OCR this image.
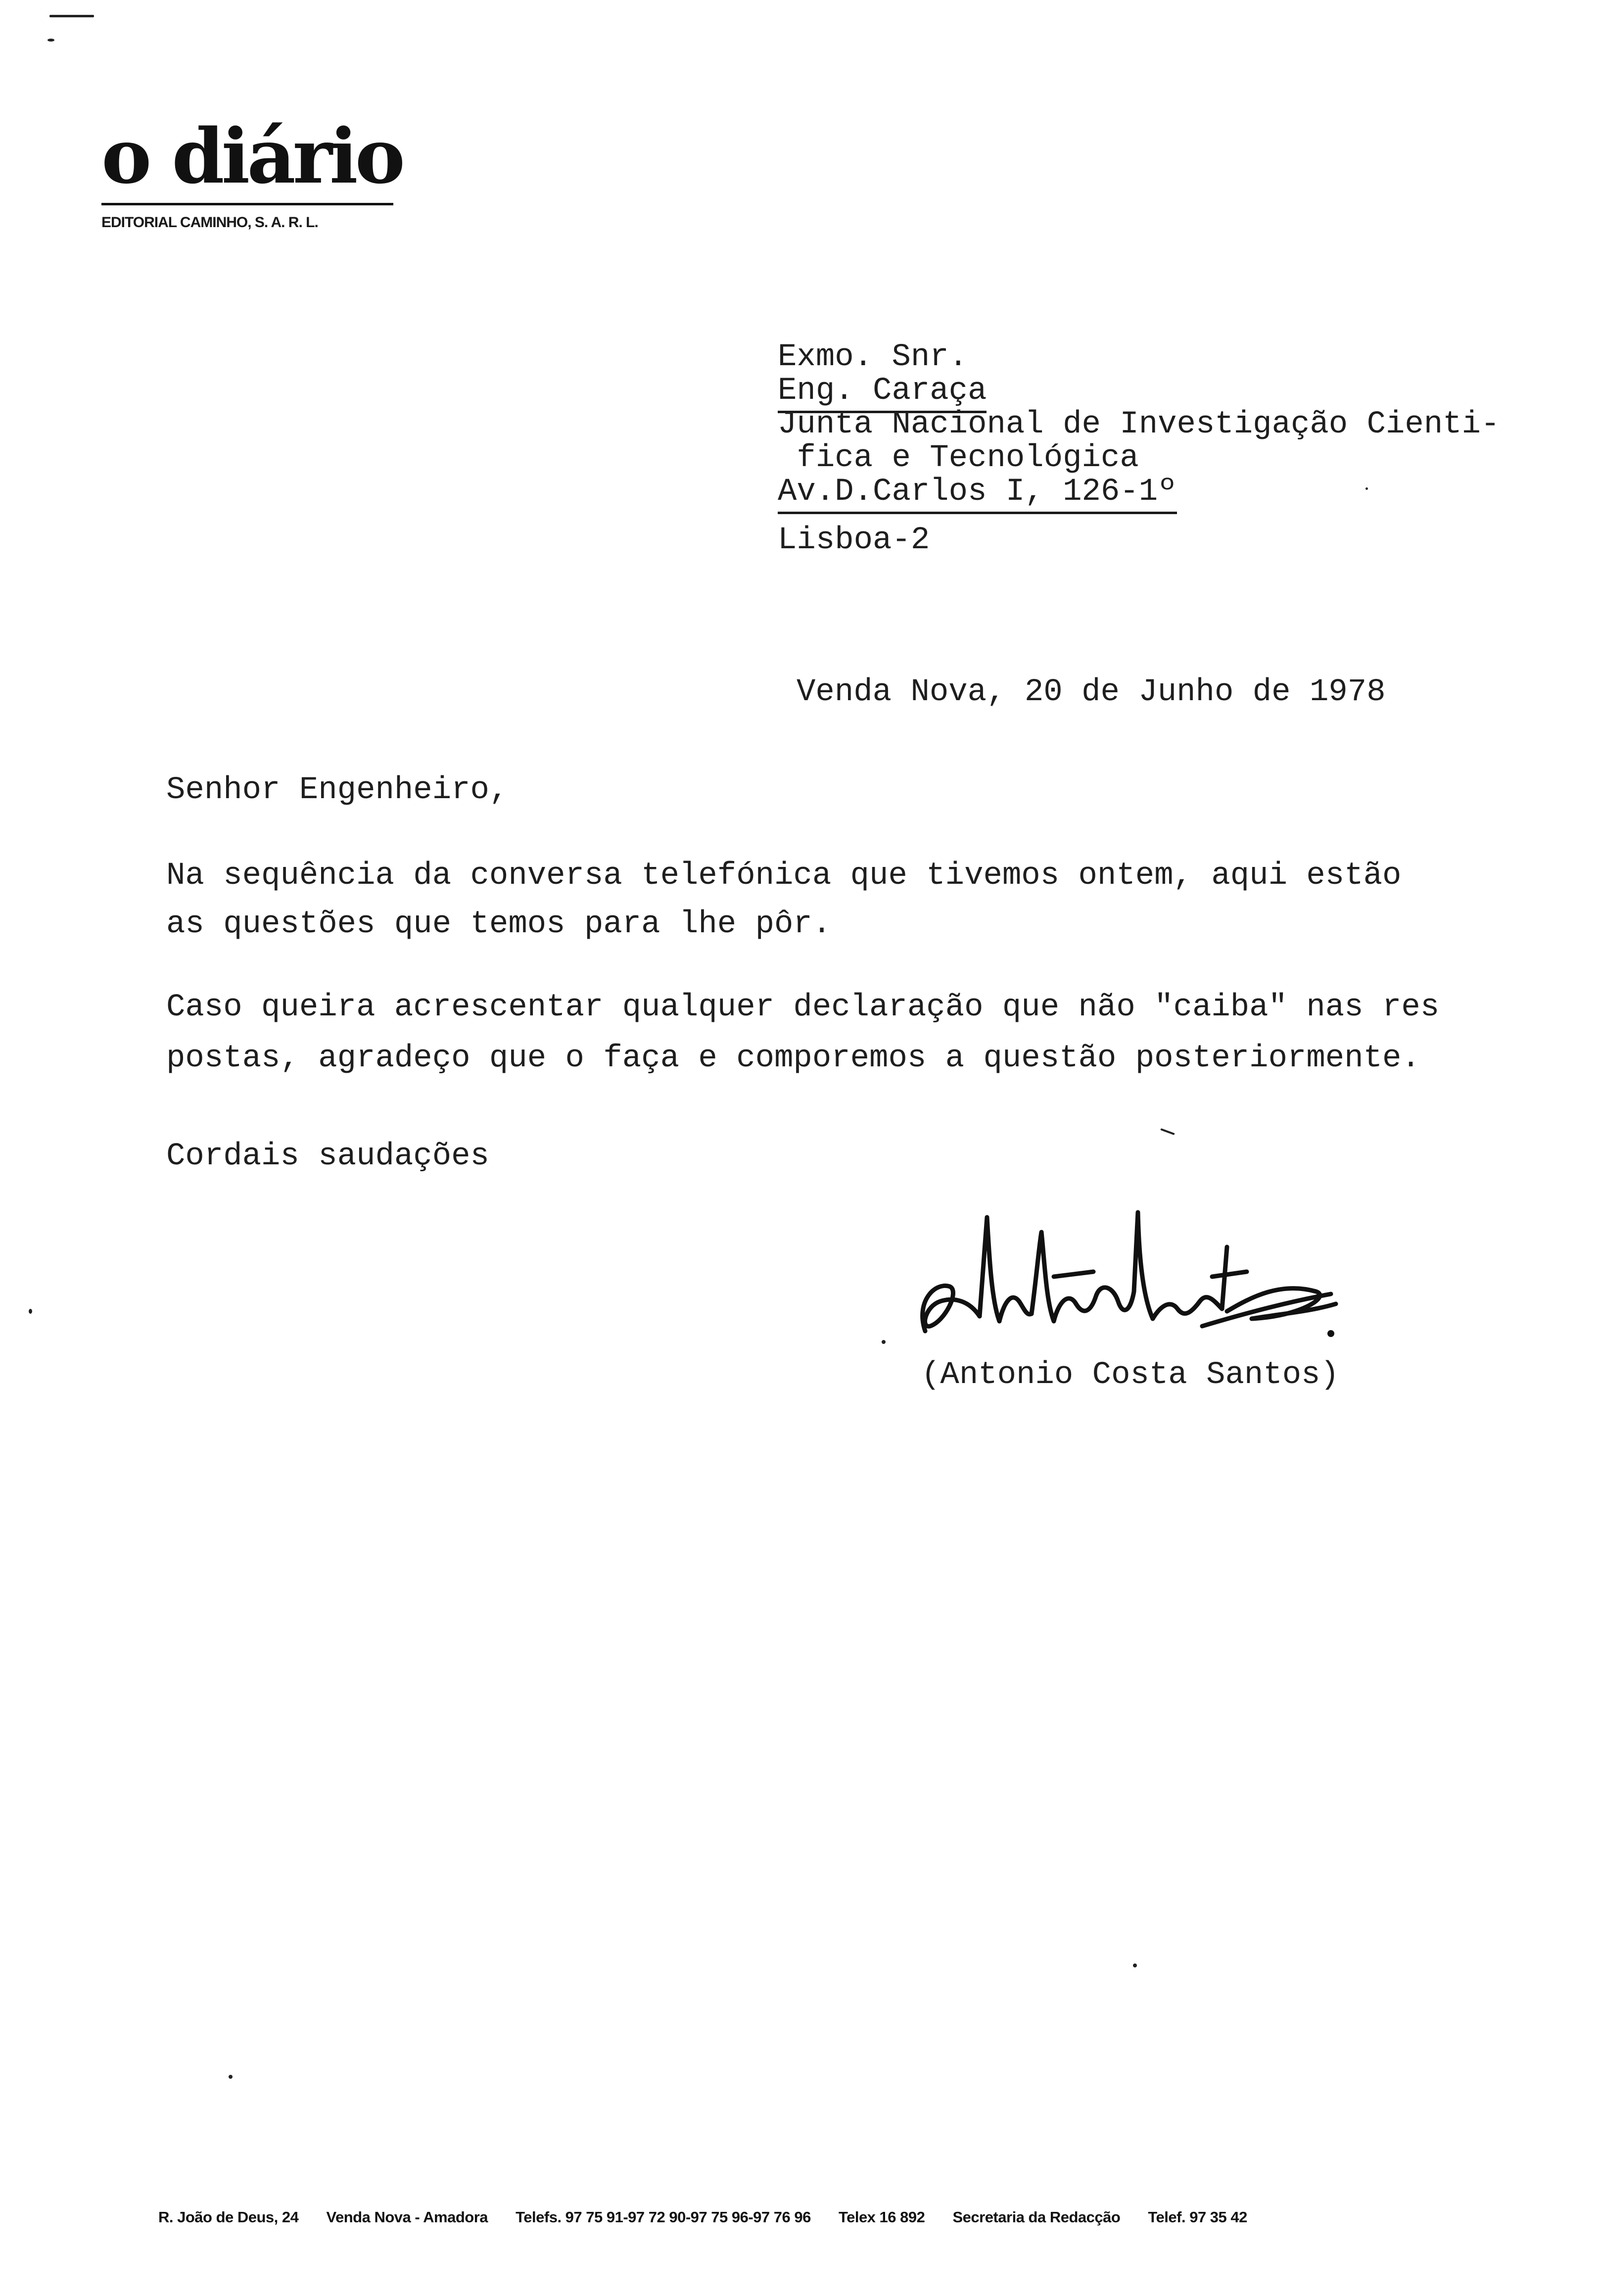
o diário
EDITORIAL CAMINHO, S. A. R. L.
Exmo. Snr.
Eng. Caraça
Junta Nacional de Investigação Cienti-
fica e Tecnológica
Av.D.Carlos I, 126-1º
Lisboa-2
Venda Nova, 20 de Junho de 1978
Senhor Engenheiro,
Na sequência da conversa telefónica que tivemos ontem, aqui estão
as questões que temos para lhe pôr.
Caso queira acrescentar qualquer declaração que não "caiba" nas res
postas, agradeço que o faça e comporemos a questão posteriormente.
Cordais saudações
(Antonio Costa Santos)
R. João de Deus, 24 Venda Nova - Amadora Telefs. 97 75 91-97 72 90-97 75 96-97 76 96 Telex 16 892 Secretaria da Redacção Telef. 97 35 42
